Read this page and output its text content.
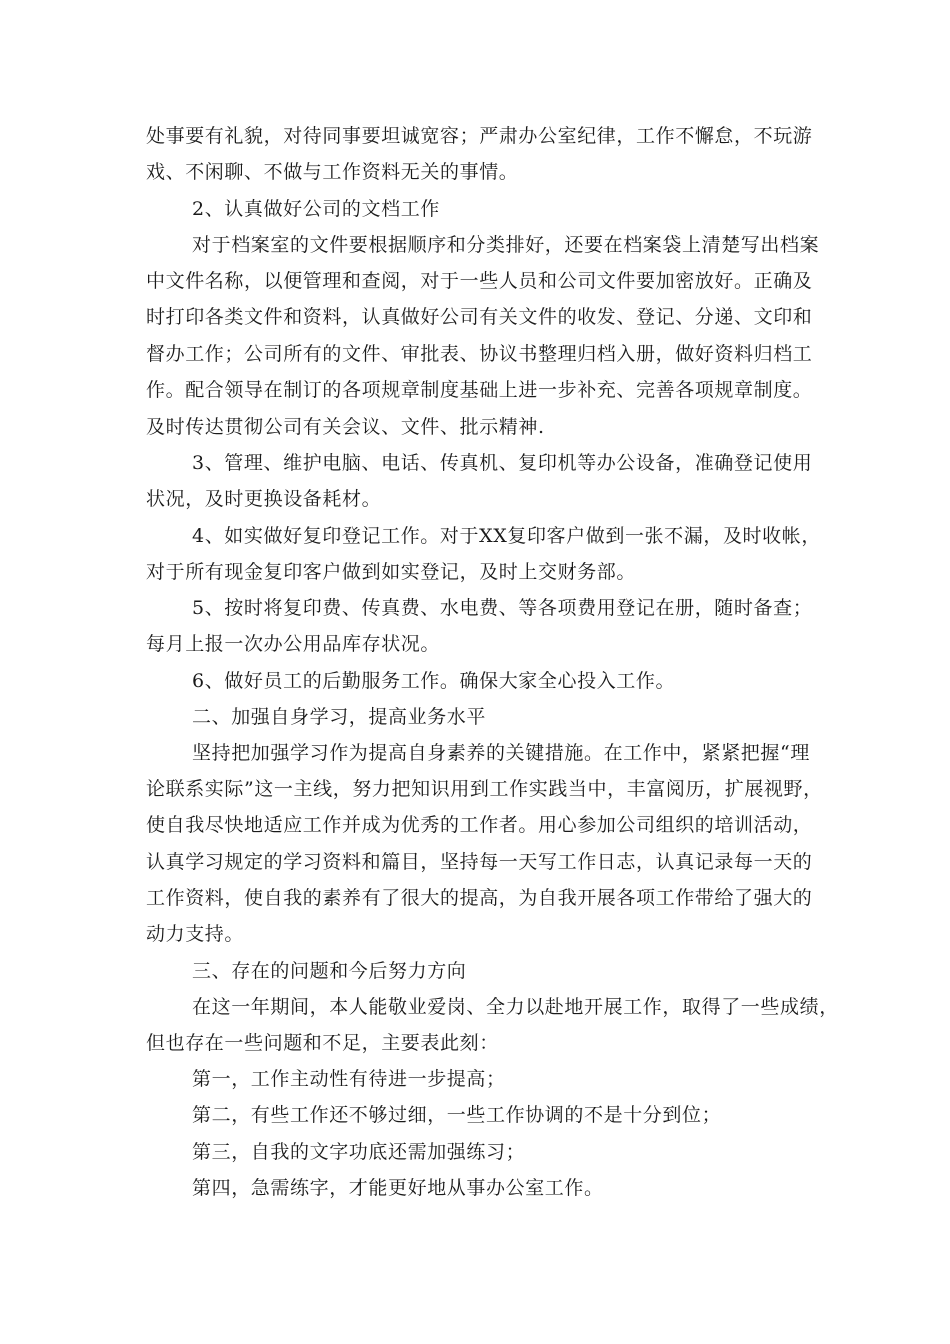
处事要有礼貌，对待同事要坦诚宽容；严肃办公室纪律，工作不懈怠，不玩游
戏、不闲聊、不做与工作资料无关的事情。
2、认真做好公司的文档工作
对于档案室的文件要根据顺序和分类排好，还要在档案袋上清楚写出档案
中文件名称，以便管理和查阅，对于一些人员和公司文件要加密放好。正确及
时打印各类文件和资料，认真做好公司有关文件的收发、登记、分递、文印和
督办工作；公司所有的文件、审批表、协议书整理归档入册，做好资料归档工
作。配合领导在制订的各项规章制度基础上进一步补充、完善各项规章制度。
及时传达贯彻公司有关会议、文件、批示精神.
3、管理、维护电脑、电话、传真机、复印机等办公设备，准确登记使用
状况，及时更换设备耗材。
4、如实做好复印登记工作。对于XX复印客户做到一张不漏，及时收帐，
对于所有现金复印客户做到如实登记，及时上交财务部。
5、按时将复印费、传真费、水电费、等各项费用登记在册，随时备查；
每月上报一次办公用品库存状况。
6、做好员工的后勤服务工作。确保大家全心投入工作。
二、加强自身学习，提高业务水平
坚持把加强学习作为提高自身素养的关键措施。在工作中，紧紧把握“理
论联系实际”这一主线，努力把知识用到工作实践当中，丰富阅历，扩展视野，
使自我尽快地适应工作并成为优秀的工作者。用心参加公司组织的培训活动，
认真学习规定的学习资料和篇目，坚持每一天写工作日志，认真记录每一天的
工作资料，使自我的素养有了很大的提高，为自我开展各项工作带给了强大的
动力支持。
三、存在的问题和今后努力方向
在这一年期间，本人能敬业爱岗、全力以赴地开展工作，取得了一些成绩，
但也存在一些问题和不足，主要表此刻：
第一，工作主动性有待进一步提高；
第二，有些工作还不够过细，一些工作协调的不是十分到位；
第三，自我的文字功底还需加强练习；
第四，急需练字，才能更好地从事办公室工作。
